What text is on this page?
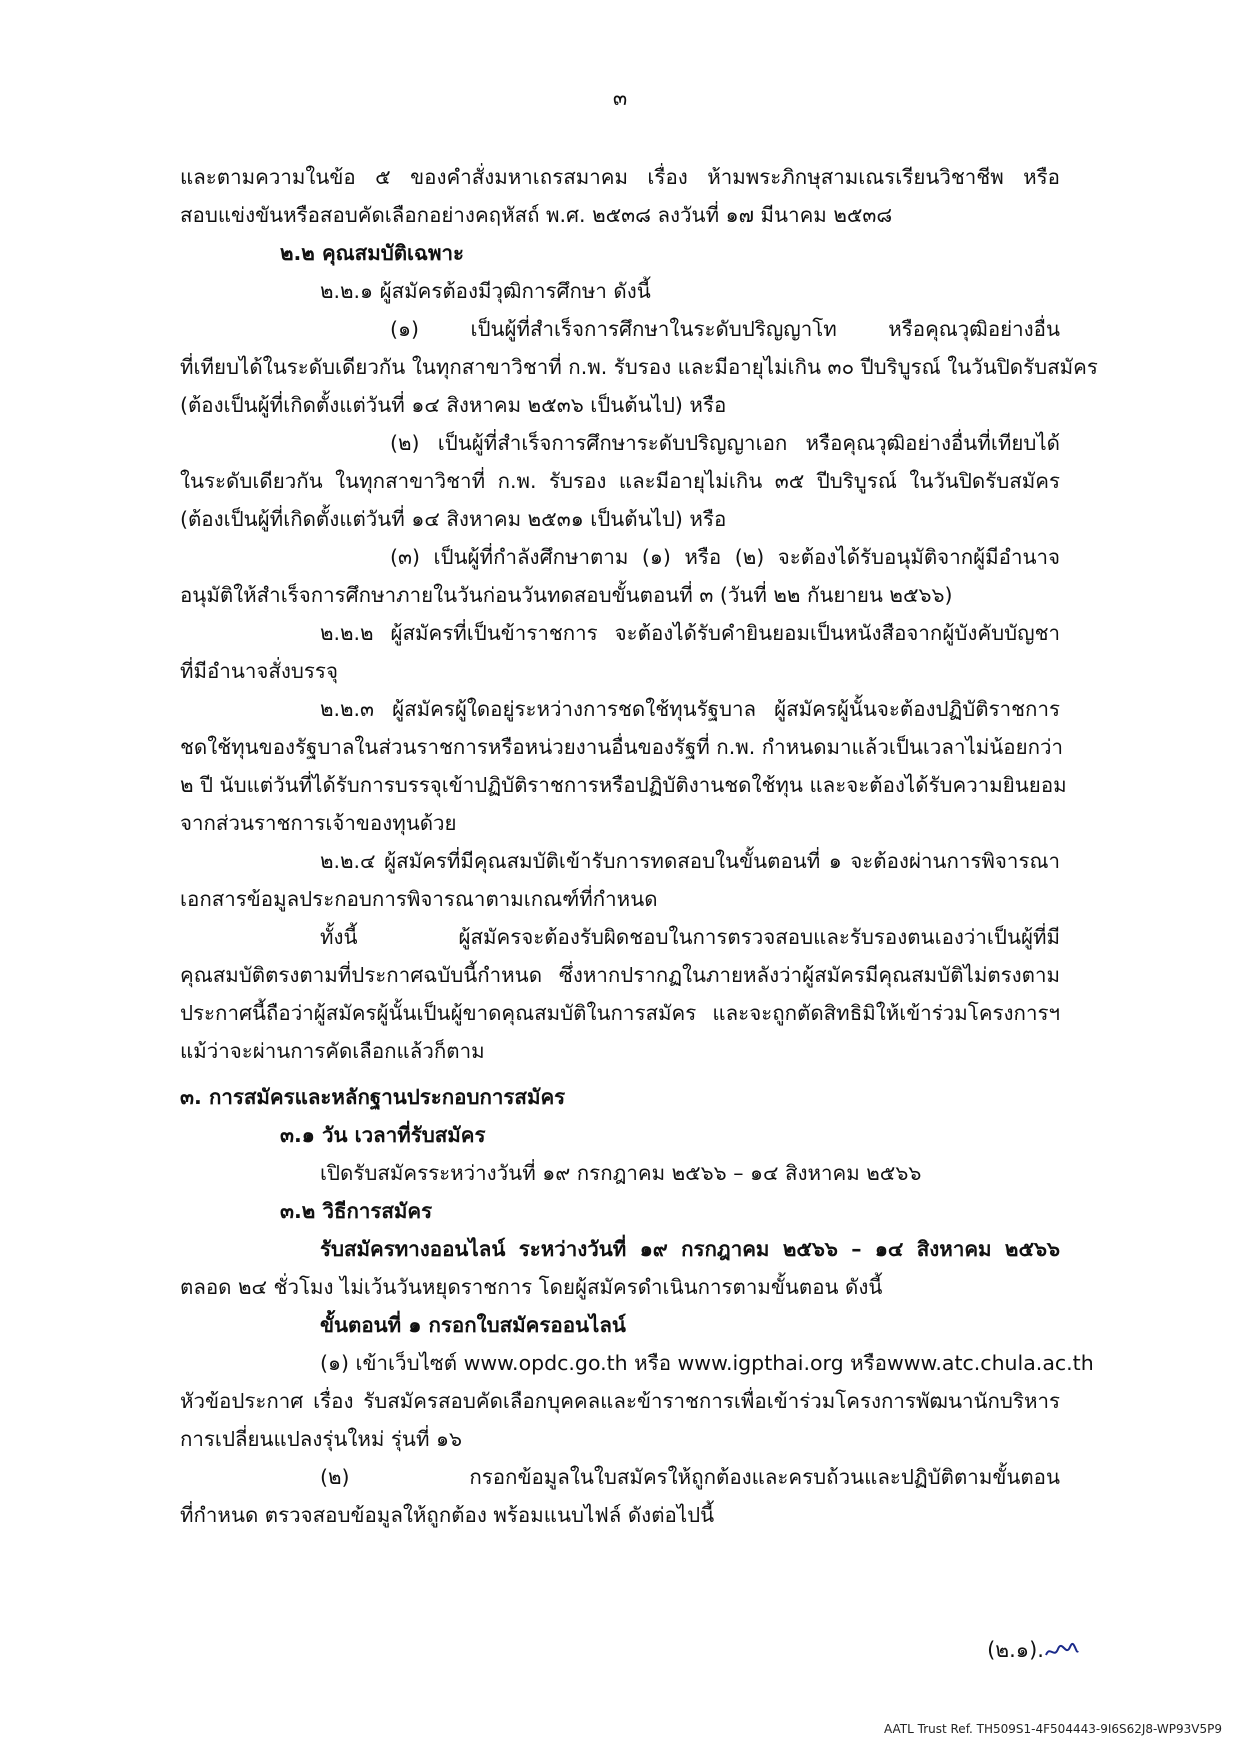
๓
และตามความในข้อ ๕ ของคำสั่งมหาเถรสมาคม เรื่อง ห้ามพระภิกษุสามเณรเรียนวิชาชีพ หรือ
สอบแข่งขันหรือสอบคัดเลือกอย่างคฤหัสถ์ พ.ศ. ๒๕๓๘ ลงวันที่ ๑๗ มีนาคม ๒๕๓๘
๒.๒ คุณสมบัติเฉพาะ
๒.๒.๑ ผู้สมัครต้องมีวุฒิการศึกษา ดังนี้
(๑) เป็นผู้ที่สำเร็จการศึกษาในระดับปริญญาโท หรือคุณวุฒิอย่างอื่น
ที่เทียบได้ในระดับเดียวกัน ในทุกสาขาวิชาที่ ก.พ. รับรอง และมีอายุไม่เกิน ๓๐ ปีบริบูรณ์ ในวันปิดรับสมัคร
(ต้องเป็นผู้ที่เกิดตั้งแต่วันที่ ๑๔ สิงหาคม ๒๕๓๖ เป็นต้นไป) หรือ
(๒) เป็นผู้ที่สำเร็จการศึกษาระดับปริญญาเอก หรือคุณวุฒิอย่างอื่นที่เทียบได้
ในระดับเดียวกัน ในทุกสาขาวิชาที่ ก.พ. รับรอง และมีอายุไม่เกิน ๓๕ ปีบริบูรณ์ ในวันปิดรับสมัคร
(ต้องเป็นผู้ที่เกิดตั้งแต่วันที่ ๑๔ สิงหาคม ๒๕๓๑ เป็นต้นไป) หรือ
(๓) เป็นผู้ที่กำลังศึกษาตาม (๑) หรือ (๒) จะต้องได้รับอนุมัติจากผู้มีอำนาจ
อนุมัติให้สำเร็จการศึกษาภายในวันก่อนวันทดสอบขั้นตอนที่ ๓ (วันที่ ๒๒ กันยายน ๒๕๖๖)
๒.๒.๒ ผู้สมัครที่เป็นข้าราชการ จะต้องได้รับคำยินยอมเป็นหนังสือจากผู้บังคับบัญชา
ที่มีอำนาจสั่งบรรจุ
๒.๒.๓ ผู้สมัครผู้ใดอยู่ระหว่างการชดใช้ทุนรัฐบาล ผู้สมัครผู้นั้นจะต้องปฏิบัติราชการ
ชดใช้ทุนของรัฐบาลในส่วนราชการหรือหน่วยงานอื่นของรัฐที่ ก.พ. กำหนดมาแล้วเป็นเวลาไม่น้อยกว่า
๒ ปี นับแต่วันที่ได้รับการบรรจุเข้าปฏิบัติราชการหรือปฏิบัติงานชดใช้ทุน และจะต้องได้รับความยินยอม
จากส่วนราชการเจ้าของทุนด้วย
๒.๒.๔ ผู้สมัครที่มีคุณสมบัติเข้ารับการทดสอบในขั้นตอนที่ ๑ จะต้องผ่านการพิจารณา
เอกสารข้อมูลประกอบการพิจารณาตามเกณฑ์ที่กำหนด
ทั้งนี้ ผู้สมัครจะต้องรับผิดชอบในการตรวจสอบและรับรองตนเองว่าเป็นผู้ที่มี
คุณสมบัติตรงตามที่ประกาศฉบับนี้กำหนด ซึ่งหากปรากฏในภายหลังว่าผู้สมัครมีคุณสมบัติไม่ตรงตาม
ประกาศนี้ถือว่าผู้สมัครผู้นั้นเป็นผู้ขาดคุณสมบัติในการสมัคร และจะถูกตัดสิทธิมิให้เข้าร่วมโครงการฯ
แม้ว่าจะผ่านการคัดเลือกแล้วก็ตาม
๓. การสมัครและหลักฐานประกอบการสมัคร
๓.๑ วัน เวลาที่รับสมัคร
เปิดรับสมัครระหว่างวันที่ ๑๙ กรกฎาคม ๒๕๖๖ – ๑๔ สิงหาคม ๒๕๖๖
๓.๒ วิธีการสมัคร
รับสมัครทางออนไลน์ ระหว่างวันที่ ๑๙ กรกฎาคม ๒๕๖๖ – ๑๔ สิงหาคม ๒๕๖๖
ตลอด ๒๔ ชั่วโมง ไม่เว้นวันหยุดราชการ โดยผู้สมัครดำเนินการตามขั้นตอน ดังนี้
ขั้นตอนที่ ๑ กรอกใบสมัครออนไลน์
(๑) เข้าเว็บไซต์ www.opdc.go.th หรือ www.igpthai.org หรือwww.atc.chula.ac.th
หัวข้อประกาศ เรื่อง รับสมัครสอบคัดเลือกบุคคลและข้าราชการเพื่อเข้าร่วมโครงการพัฒนานักบริหาร
การเปลี่ยนแปลงรุ่นใหม่ รุ่นที่ ๑๖
(๒) กรอกข้อมูลในใบสมัครให้ถูกต้องและครบถ้วนและปฏิบัติตามขั้นตอน
ที่กำหนด ตรวจสอบข้อมูลให้ถูกต้อง พร้อมแนบไฟล์ ดังต่อไปนี้
(๒.๑).
AATL Trust Ref. TH509S1-4F504443-9I6S62J8-WP93V5P9
